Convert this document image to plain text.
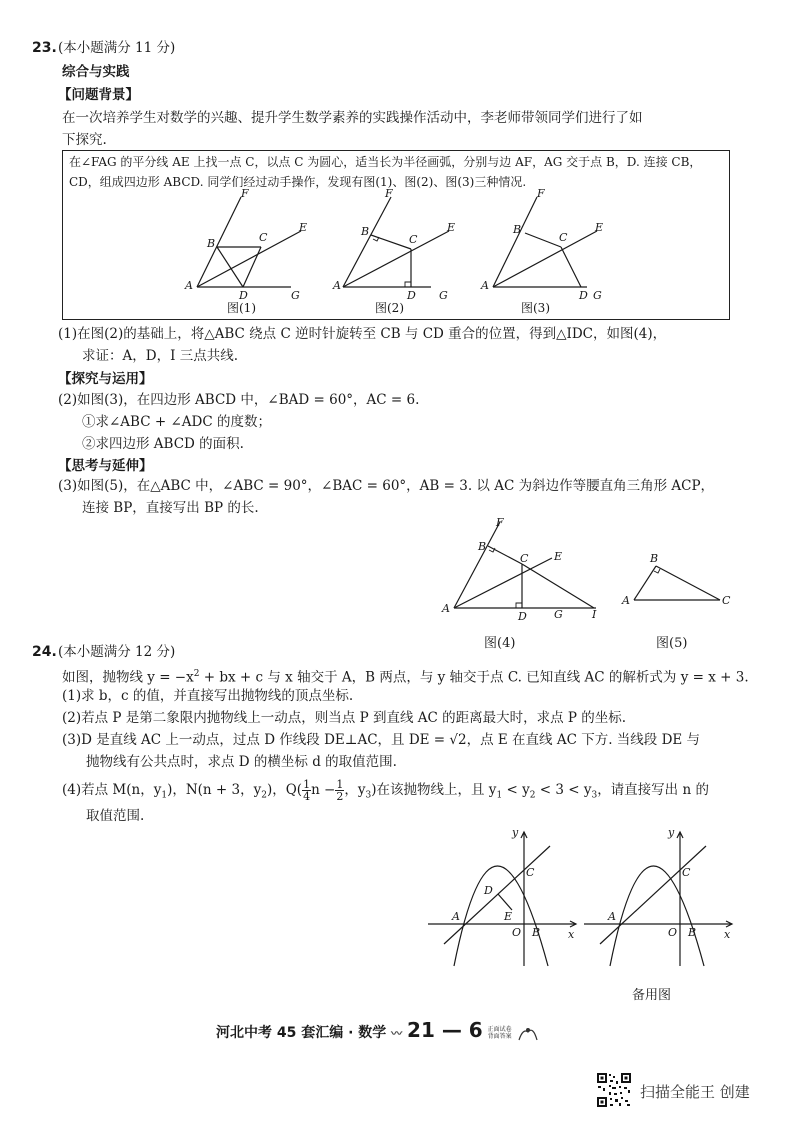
23. (本小题满分 11 分)
综合与实践
【问题背景】
在一次培养学生对数学的兴趣、提升学生数学素养的实践操作活动中，李老师带领同学们进行了如
下探究.
在∠FAG 的平分线 AE 上找一点 C，以点 C 为圆心，适当长为半径画弧，分别与边 AF，AG 交于点 B，D. 连接 CB，
CD，组成四边形 ABCD. 同学们经过动手操作，发现有图(1)、图(2)、图(3)三种情况.
F
B	C
E
A
D	G
图(1)
F
B
C
E
A
D G
图(2)
F
B
C
E
A
D G
图(3)
(1)在图(2)的基础上，将△ABC 绕点 C 逆时针旋转至 CB 与 CD 重合的位置，得到△IDC，如图(4)，
求证：A，D，I 三点共线.
【探究与运用】
(2)如图(3)，在四边形 ABCD 中，∠BAD = 60°，AC = 6.
①求∠ABC + ∠ADC 的度数；
②求四边形 ABCD 的面积.
【思考与延伸】
(3)如图(5)，在△ABC 中，∠ABC = 90°，∠BAC = 60°，AB = 3. 以 AC 为斜边作等腰直角三角形 ACP，
连接 BP，直接写出 BP 的长.
F
B
C E
A
D G	I
图(4)
B
A	C
图(5)
24. (本小题满分 12 分)
如图，抛物线 $y = -x^2$ + bx + c 与 x 轴交于 A，B 两点，与 y 轴交于点 C. 已知直线 AC 的解析式为 y = x + 3.
(1)求 b，c 的值，并直接写出抛物线的顶点坐标.
(2)若点 P 是第二象限内抛物线上一动点，则当点 P 到直线 AC 的距离最大时，求点 P 的坐标.
(3)D 是直线 AC 上一动点，过点 D 作线段 DE⊥AC，且 DE = √2，点 E 在直线 AC 下方. 当线段 DE 与
抛物线有公共点时，求点 D 的横坐标 d 的取值范围.
(4)若点 M(n，$y_1$)，N(n + 3，$y_2$)，$Q( \frac{1}{4}$ $n - \frac{1}{2}$ ，$y_3$)在该抛物线上，且 $y_1 < y_2 < 3 < y_3$，请直接写出 n 的
取值范围.
y
x
C
D
E
A
O B
y
x
C
A
O B
备用图
河北中考 45 套汇编 · 数学 〰 21 — 6 正面试卷
背面答案

扫描全能王 创建
